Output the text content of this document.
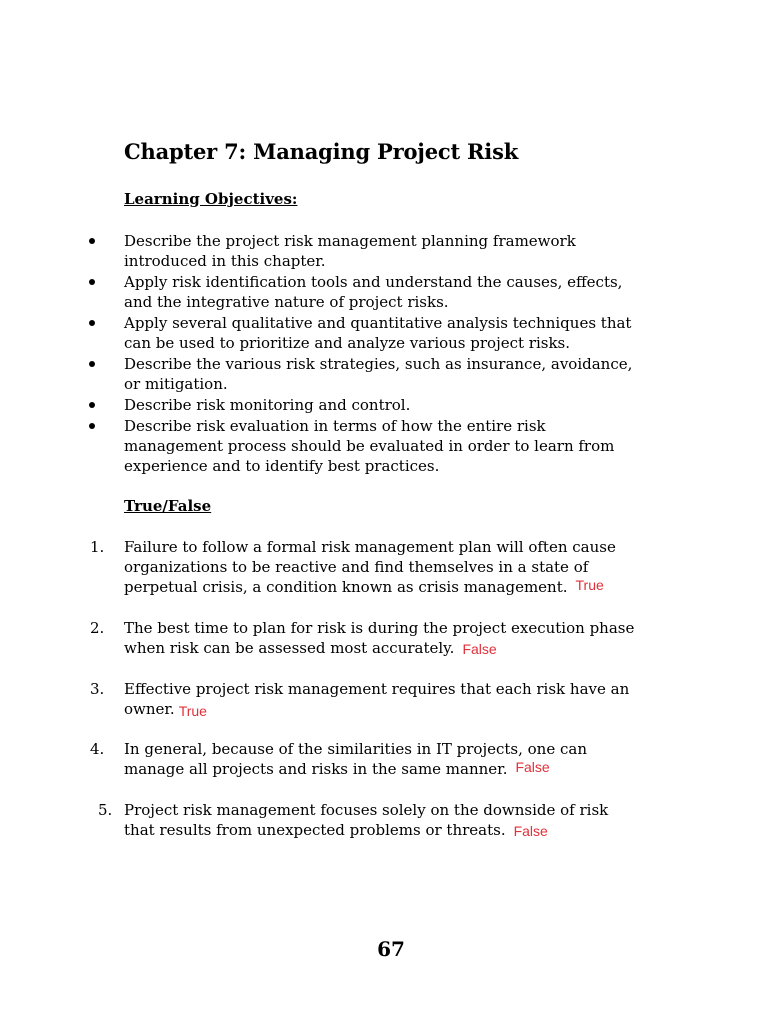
Chapter 7: Managing Project Risk
Learning Objectives:
Describe the project risk management planning framework
introduced in this chapter.
Apply risk identification tools and understand the causes, effects,
and the integrative nature of project risks.
Apply several qualitative and quantitative analysis techniques that
can be used to prioritize and analyze various project risks.
Describe the various risk strategies, such as insurance, avoidance,
or mitigation.
Describe risk monitoring and control.
Describe risk evaluation in terms of how the entire risk
management process should be evaluated in order to learn from
experience and to identify best practices.
True/False
1. Failure to follow a formal risk management plan will often cause
organizations to be reactive and find themselves in a state of
perpetual crisis, a condition known as crisis management. True
2. The best time to plan for risk is during the project execution phase
when risk can be assessed most accurately. False
3. Effective project risk management requires that each risk have an
owner. True
4. In general, because of the similarities in IT projects, one can
manage all projects and risks in the same manner. False
5. Project risk management focuses solely on the downside of risk
that results from unexpected problems or threats. False
67
